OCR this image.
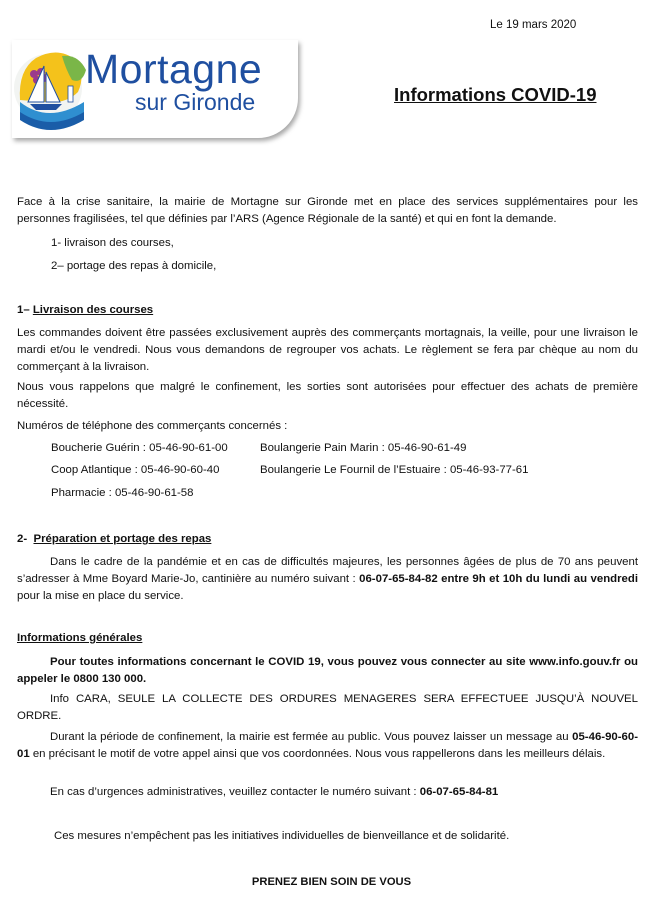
Le 19 mars 2020
Mortagne
sur Gironde	Informations COVID-19
Face à la crise sanitaire, la mairie de Mortagne sur Gironde met en place des services supplémentaires pour les personnes fragilisées, tel que définies par l’ARS (Agence Régionale de la santé) et qui en font la demande.
1- livraison des courses,
2– portage des repas à domicile,
1– Livraison des courses
Les commandes doivent être passées exclusivement auprès des commerçants mortagnais, la veille, pour une livraison le mardi et/ou le vendredi. Nous vous demandons de regrouper vos achats. Le règlement se fera par chèque au nom du commerçant à la livraison.
Nous vous rappelons que malgré le confinement, les sorties sont autorisées pour effectuer des achats de première nécessité.
Numéros de téléphone des commerçants concernés :
Boucherie Guérin : 05-46-90-61-00	Boulangerie Pain Marin : 05-46-90-61-49
Coop Atlantique : 05-46-90-60-40	Boulangerie Le Fournil de l’Estuaire : 05-46-93-77-61
Pharmacie : 05-46-90-61-58
2- Préparation et portage des repas
Dans le cadre de la pandémie et en cas de difficultés majeures, les personnes âgées de plus de 70 ans peuvent s’adresser à Mme Boyard Marie-Jo, cantinière au numéro suivant : 06-07-65-84-82 entre 9h et 10h du lundi au vendredi pour la mise en place du service.
Informations générales
Pour toutes informations concernant le COVID 19, vous pouvez vous connecter au site www.info.gouv.fr ou appeler le 0800 130 000.
Info CARA, SEULE LA COLLECTE DES ORDURES MENAGERES SERA EFFECTUEE JUSQU’À NOUVEL ORDRE.
Durant la période de confinement, la mairie est fermée au public. Vous pouvez laisser un message au 05-46-90-60-01 en précisant le motif de votre appel ainsi que vos coordonnées. Nous vous rappellerons dans les meilleurs délais.
En cas d’urgences administratives, veuillez contacter le numéro suivant : 06-07-65-84-81
Ces mesures n’empêchent pas les initiatives individuelles de bienveillance et de solidarité.
PRENEZ BIEN SOIN DE VOUS
